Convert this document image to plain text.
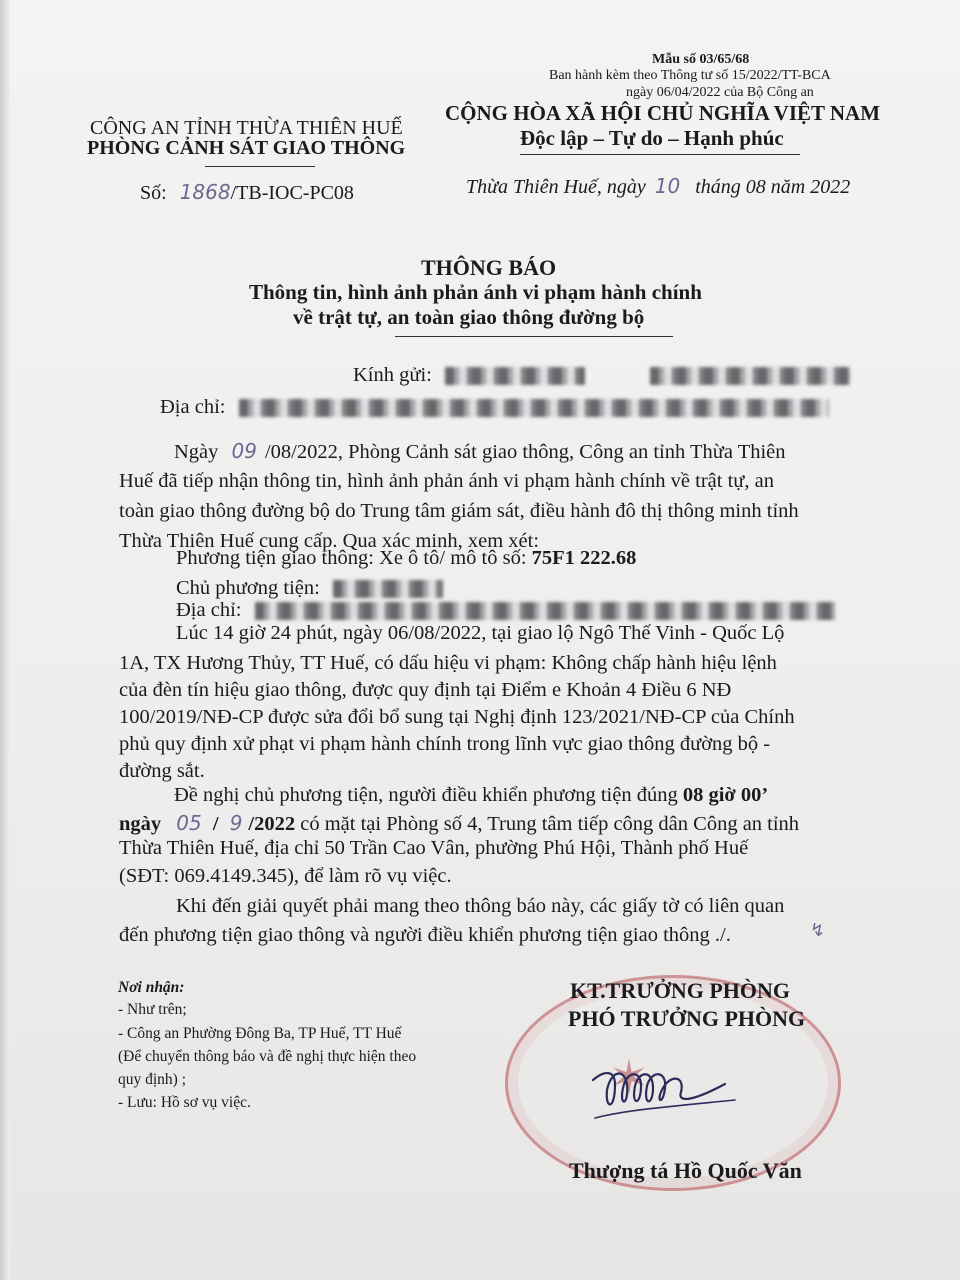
Mẫu số 03/65/68
Ban hành kèm theo Thông tư số 15/2022/TT-BCA
ngày 06/04/2022 của Bộ Công an
CÔNG AN TỈNH THỪA THIÊN HUẾ
PHÒNG CẢNH SÁT GIAO THÔNG
Số: 1868/TB-IOC-PC08
CỘNG HÒA XÃ HỘI CHỦ NGHĨA VIỆT NAM
Độc lập – Tự do – Hạnh phúc
Thừa Thiên Huế, ngày 10 tháng 08 năm 2022
THÔNG BÁO
Thông tin, hình ảnh phản ánh vi phạm hành chính
về trật tự, an toàn giao thông đường bộ
Kính gửi:
Địa chỉ:
Ngày 09 /08/2022, Phòng Cảnh sát giao thông, Công an tỉnh Thừa Thiên
Huế đã tiếp nhận thông tin, hình ảnh phản ánh vi phạm hành chính về trật tự, an
toàn giao thông đường bộ do Trung tâm giám sát, điều hành đô thị thông minh tỉnh
Thừa Thiên Huế cung cấp. Qua xác minh, xem xét:
Phương tiện giao thông: Xe ô tô/ mô tô số: 75F1 222.68
Chủ phương tiện:
Địa chỉ:
Lúc 14 giờ 24 phút, ngày 06/08/2022, tại giao lộ Ngô Thế Vinh - Quốc Lộ
1A, TX Hương Thủy, TT Huế, có dấu hiệu vi phạm: Không chấp hành hiệu lệnh
của đèn tín hiệu giao thông, được quy định tại Điểm e Khoản 4 Điều 6 NĐ
100/2019/NĐ-CP được sửa đổi bổ sung tại Nghị định 123/2021/NĐ-CP của Chính
phủ quy định xử phạt vi phạm hành chính trong lĩnh vực giao thông đường bộ -
đường sắt.
Đề nghị chủ phương tiện, người điều khiển phương tiện đúng 08 giờ 00’
ngày 05 / 9 /2022 có mặt tại Phòng số 4, Trung tâm tiếp công dân Công an tỉnh
Thừa Thiên Huế, địa chỉ 50 Trần Cao Vân, phường Phú Hội, Thành phố Huế
(SĐT: 069.4149.345), để làm rõ vụ việc.
Khi đến giải quyết phải mang theo thông báo này, các giấy tờ có liên quan
đến phương tiện giao thông và người điều khiển phương tiện giao thông ./.	↯
Nơi nhận:
- Như trên;
- Công an Phường Đông Ba, TP Huế, TT Huế
(Để chuyển thông báo và đề nghị thực hiện theo
quy định) ;
- Lưu: Hồ sơ vụ việc.	✶
KT.TRƯỞNG PHÒNG
PHÓ TRƯỞNG PHÒNG
Thượng tá Hồ Quốc Văn
